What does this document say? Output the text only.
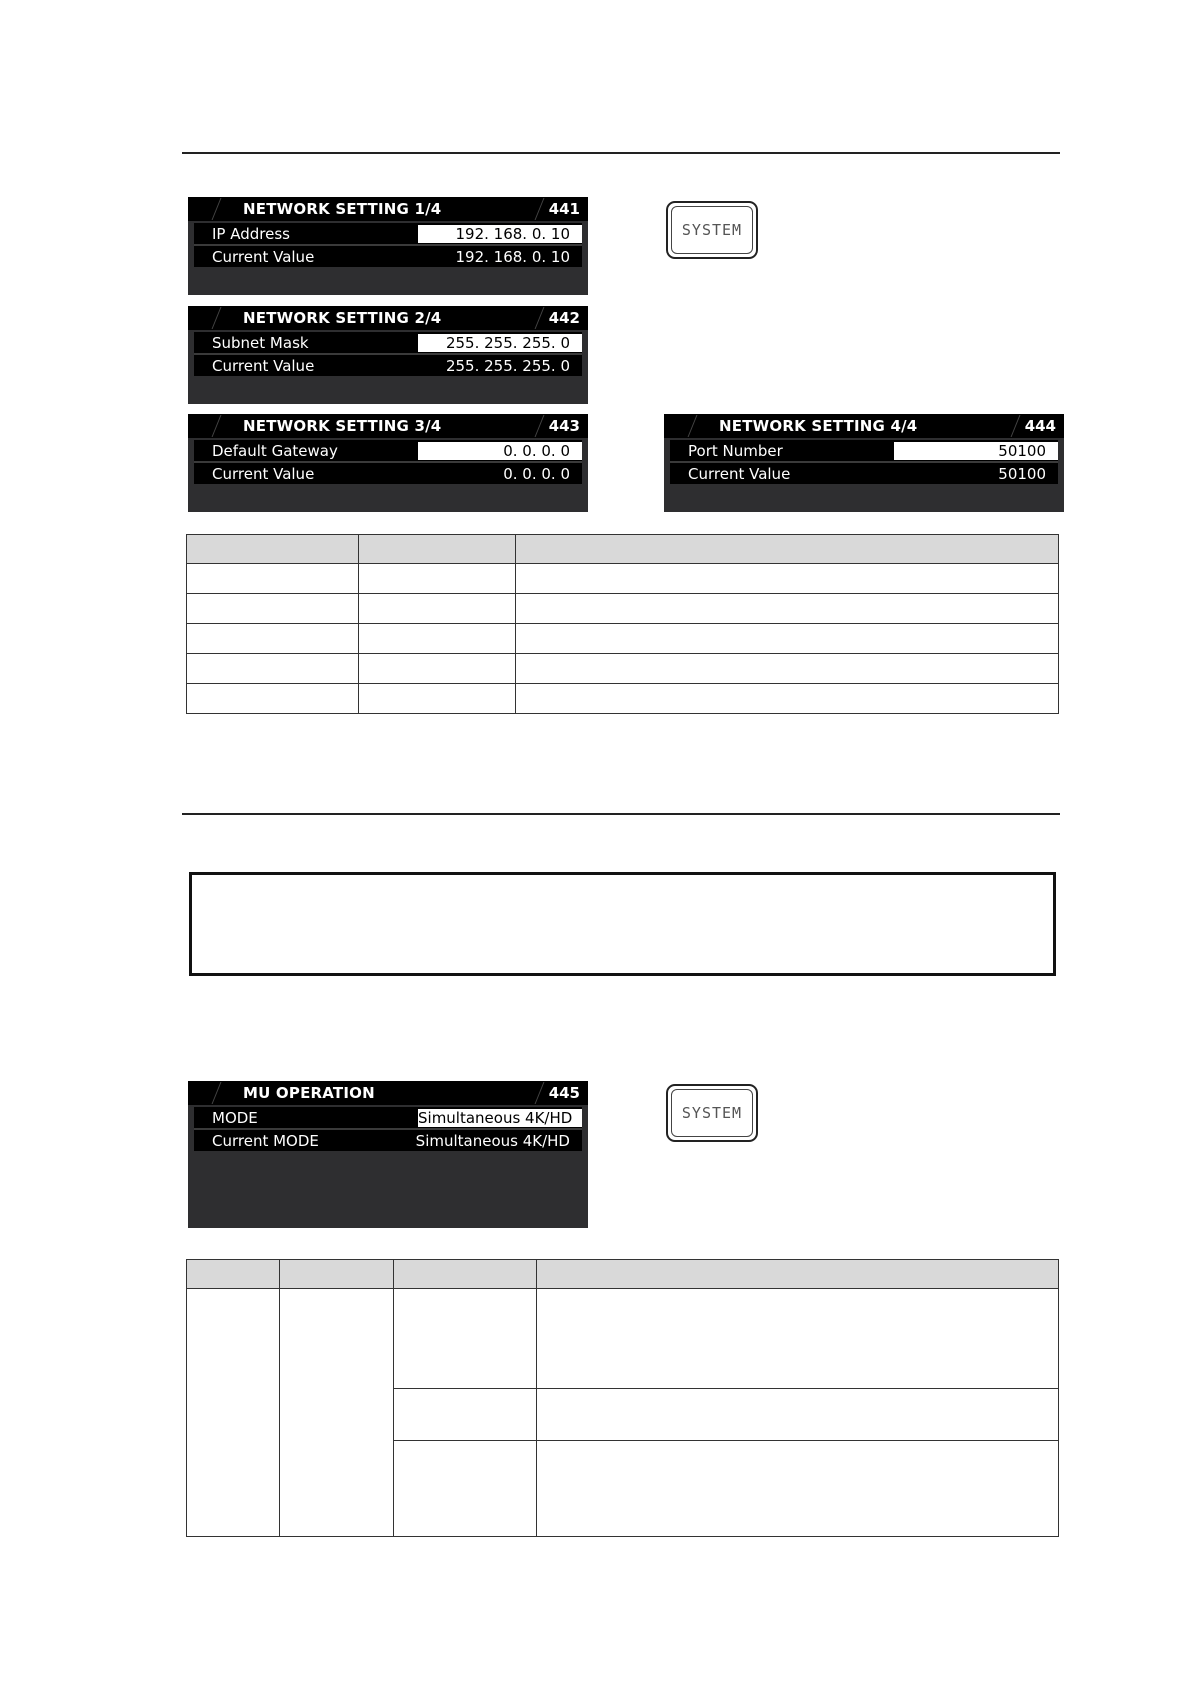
NETWORK SETTING 1/4	441
IP Address	192. 168. 0. 10
Current Value	192. 168. 0. 10
SYSTEM
NETWORK SETTING 2/4	442
Subnet Mask	255. 255. 255. 0
Current Value	255. 255. 255. 0
NETWORK SETTING 3/4	443
Default Gateway	0. 0. 0. 0
Current Value	0. 0. 0. 0
NETWORK SETTING 4/4	444
Port Number	50100
Current Value	50100

MU OPERATION	445
MODE	Simultaneous 4K/HD
Current MODE	Simultaneous 4K/HD
SYSTEM
